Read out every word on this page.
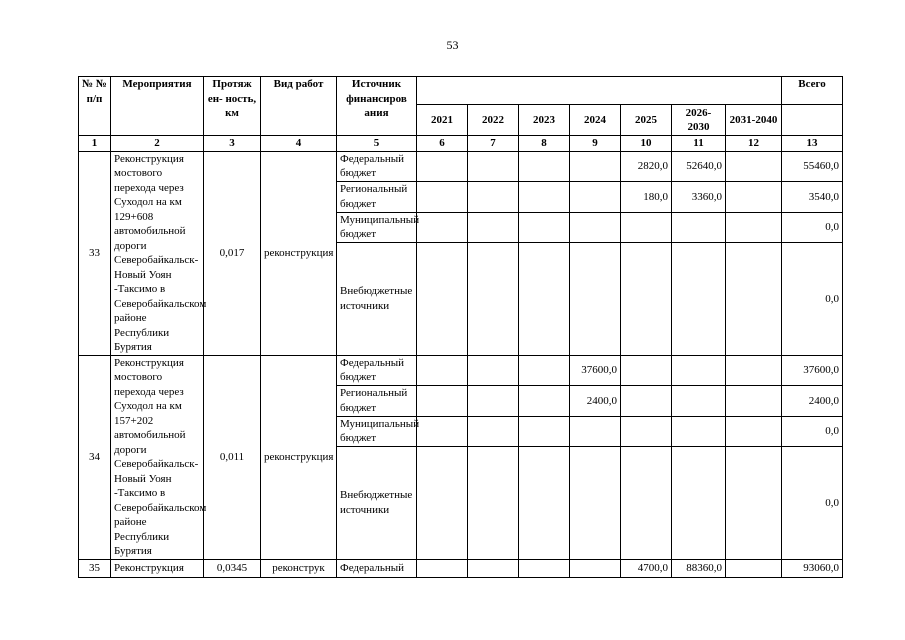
53
№ № п/п	Мероприятия	Протяж ен- ность, км	Вид работ	Источник финансиров ания								Всего
					2021	2022	2023	2024	2025	2026-2030	2031-2040	
1	2	3	4	5	6	7	8	9	10	11	12	13
33	Реконструкция мостового перехода через Суходол на км 129+608 автомобильной дороги Северобайкальск-Новый Уоян -Таксимо в Северобайкальском районе Республики Бурятия	0,017	реконструкция	Федеральный бюджет					2820,0	52640,0		55460,0
				Региональный бюджет					180,0	3360,0		3540,0
				Муниципальный бюджет								0,0
				Внебюджетные источники								0,0
34	Реконструкция мостового перехода через Суходол на км 157+202 автомобильной дороги Северобайкальск-Новый Уоян -Таксимо в Северобайкальском районе Республики Бурятия	0,011	реконструкция	Федеральный бюджет				37600,0				37600,0
				Региональный бюджет				2400,0				2400,0
				Муниципальный бюджет								0,0
				Внебюджетные источники								0,0
35	Реконструкция	0,0345	реконструк	Федеральный					4700,0	88360,0		93060,0
